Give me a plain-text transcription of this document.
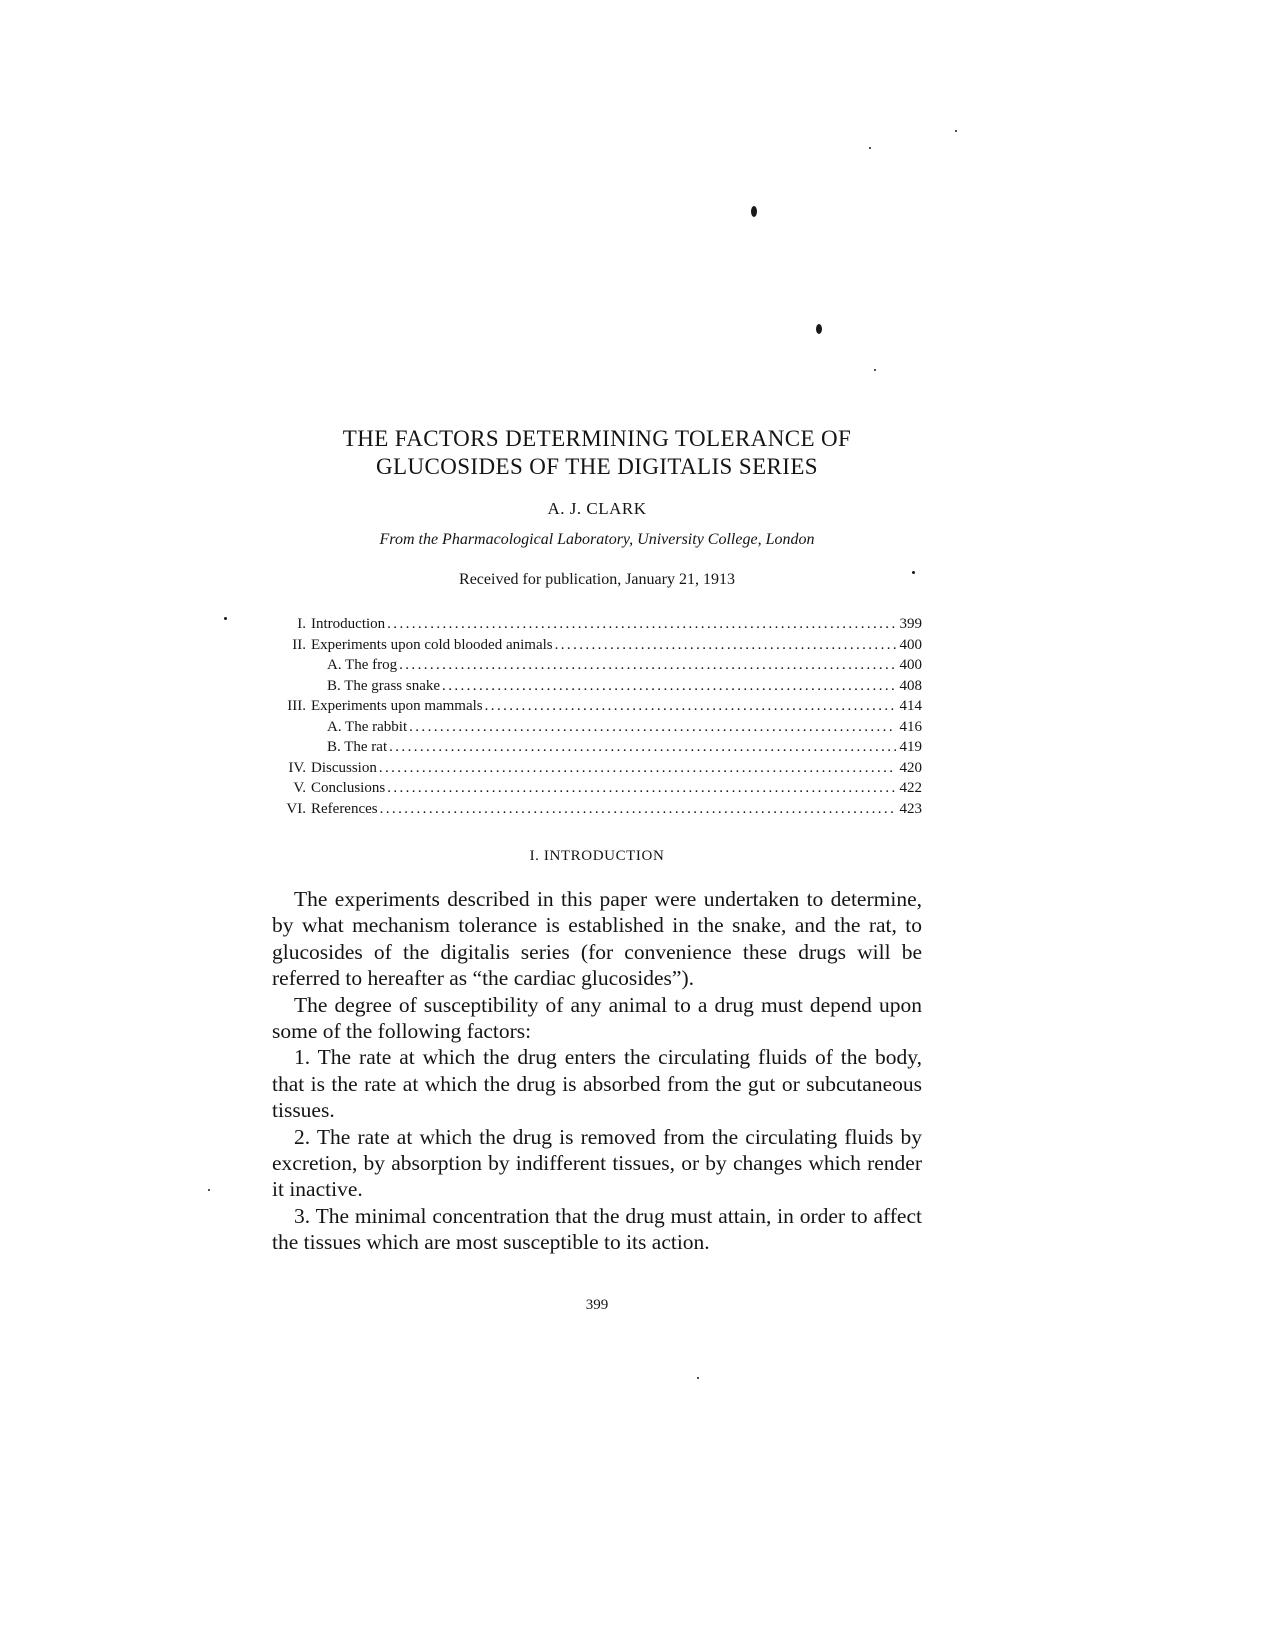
THE FACTORS DETERMINING TOLERANCE OF
GLUCOSIDES OF THE DIGITALIS SERIES
A. J. CLARK
From the Pharmacological Laboratory, University College, London
Received for publication, January 21, 1913
I. Introduction .....	399
II. Experiments upon cold blooded animals .....	400
A. The frog .....	400
B. The grass snake .....	408
III. Experiments upon mammals .....	414
A. The rabbit .....	416
B. The rat .....	419
IV. Discussion .....	420
V. Conclusions .....	422
VI. References .....	423
I. INTRODUCTION

The experiments described in this paper were undertaken to determine, by what mechanism tolerance is established in the snake, and the rat, to glucosides of the digitalis series (for convenience these drugs will be referred to hereafter as “the cardiac glucosides”).

The degree of susceptibility of any animal to a drug must depend upon some of the following factors:

1. The rate at which the drug enters the circulating fluids of the body, that is the rate at which the drug is absorbed from the gut or subcutaneous tissues.

2. The rate at which the drug is removed from the circulating fluids by excretion, by absorption by indifferent tissues, or by changes which render it inactive.

3. The minimal concentration that the drug must attain, in order to affect the tissues which are most susceptible to its action.

399
